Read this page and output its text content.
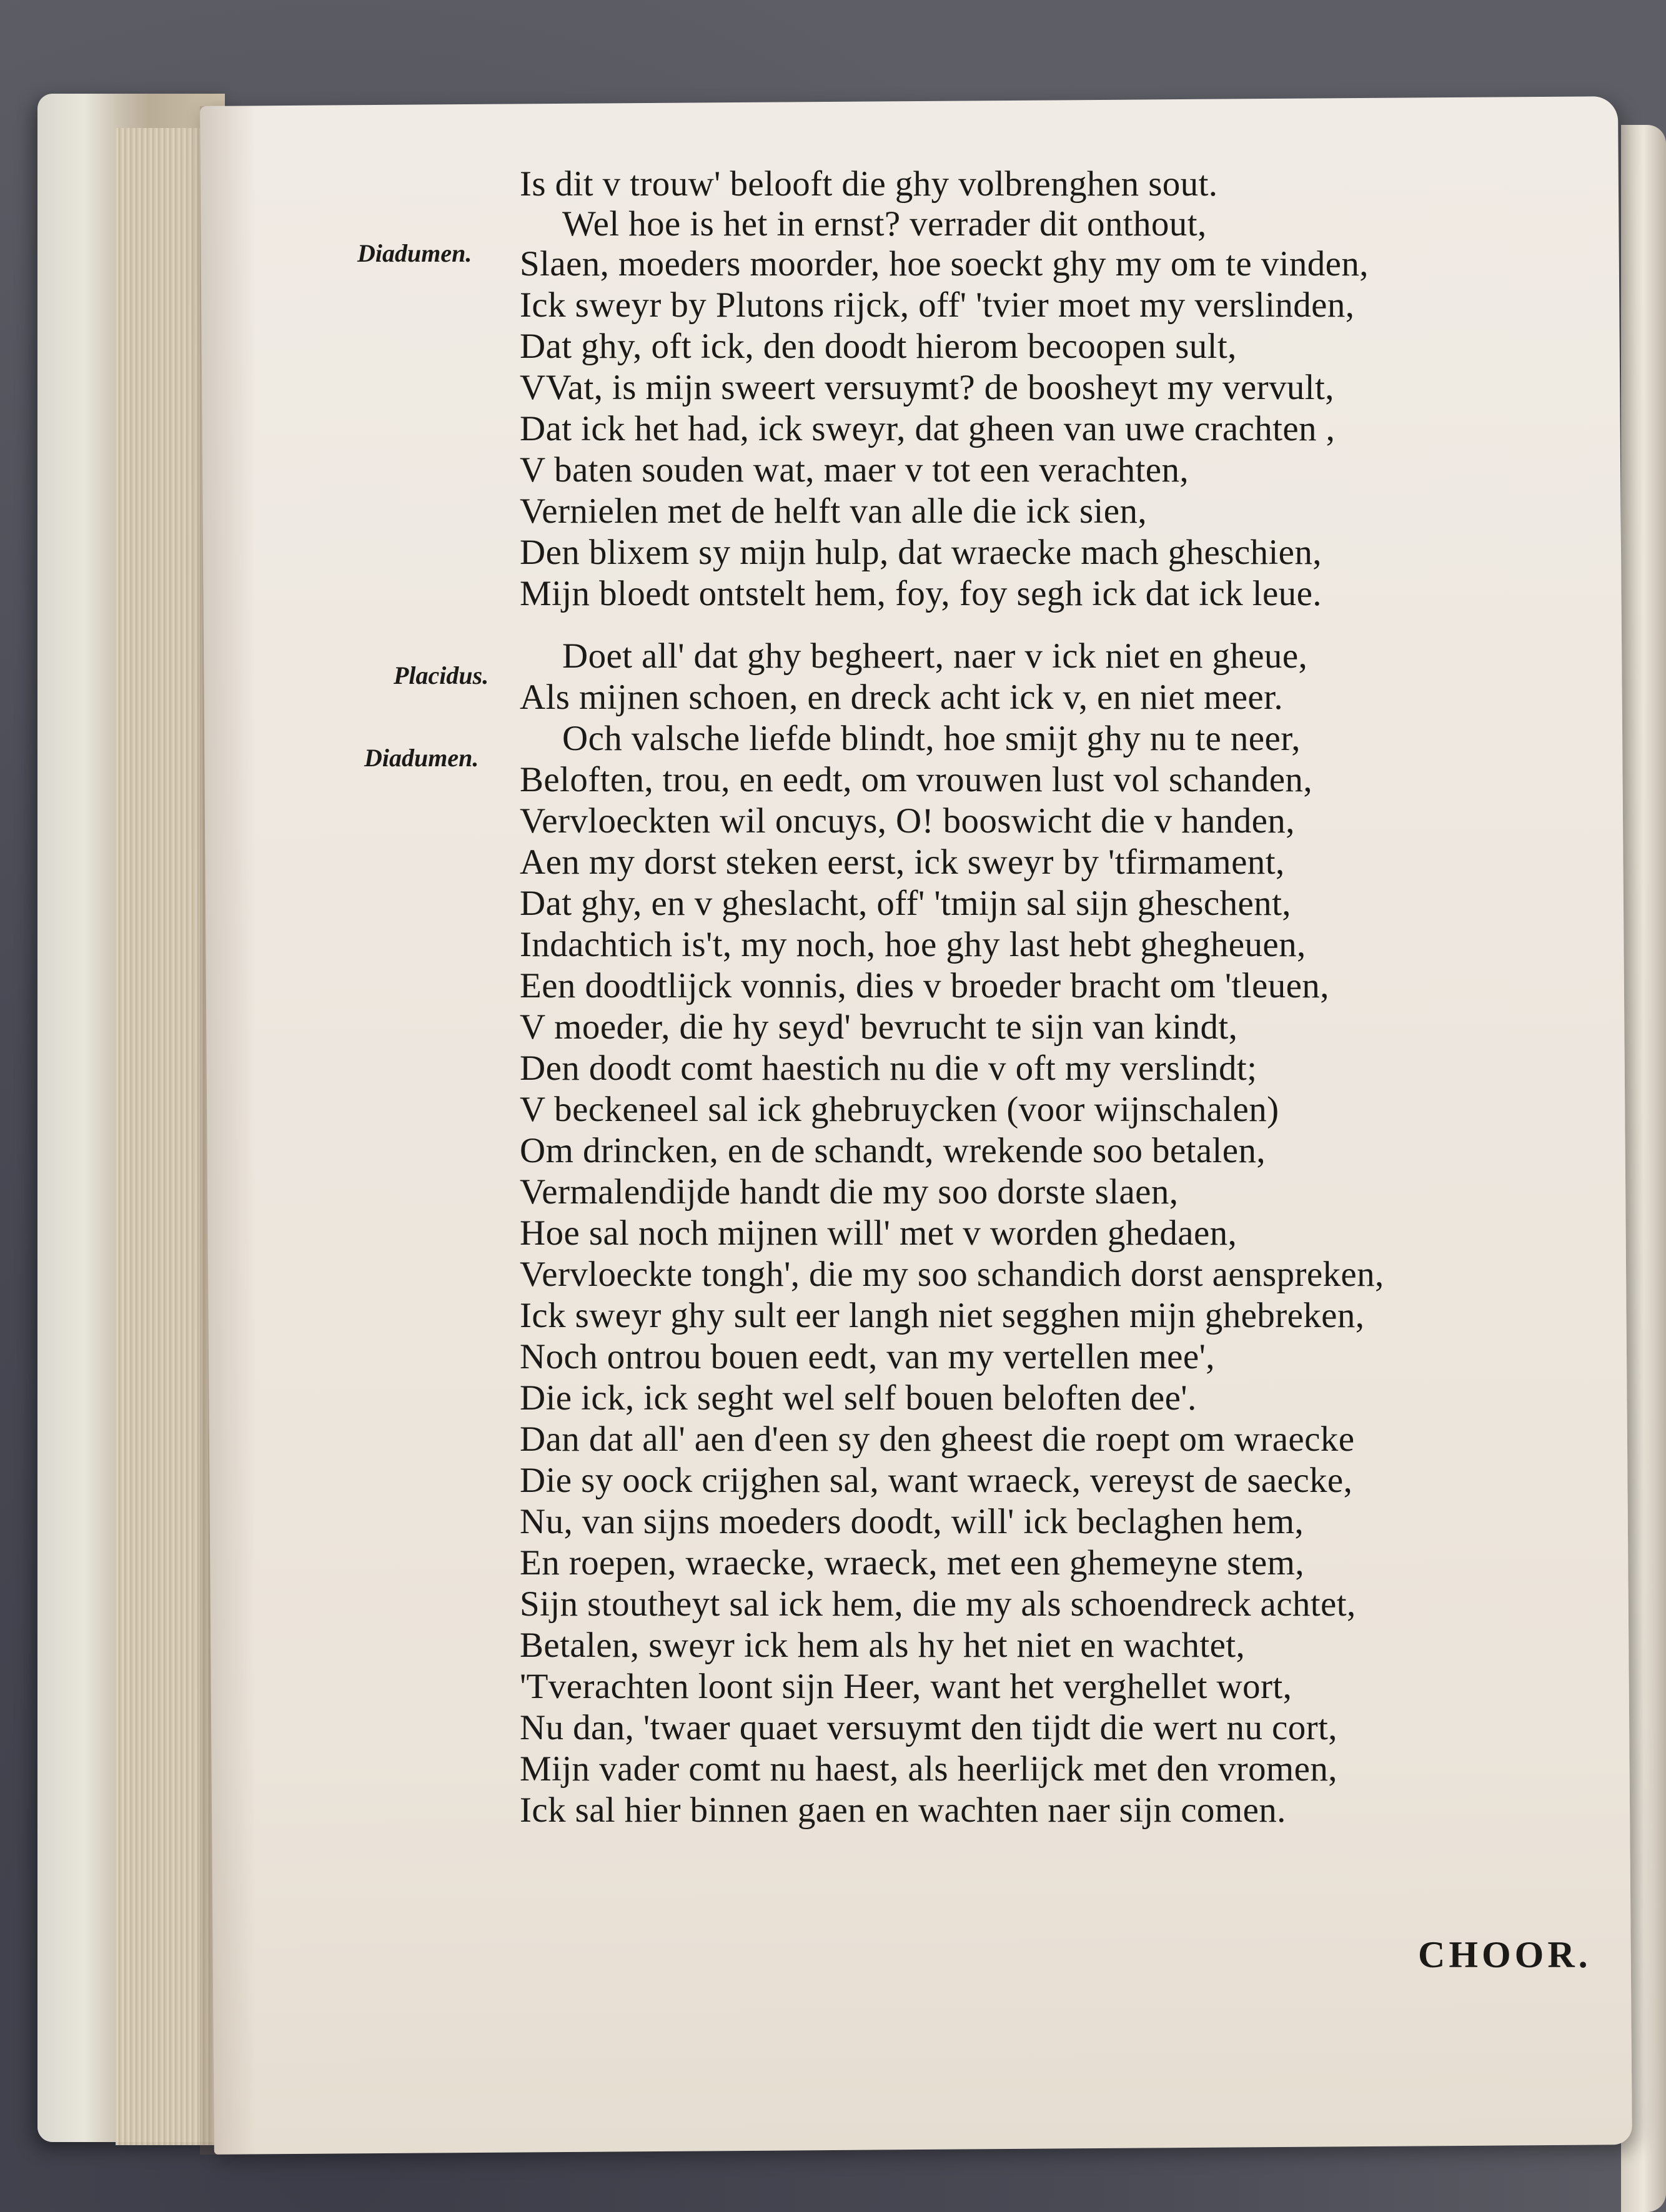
Diadumen.
Placidus.
Diadumen.
Is dit v trouw' belooft die ghy volbrenghen sout.
Wel hoe is het in ernst? verrader dit onthout,
Slaen, moeders moorder, hoe soeckt ghy my om te vinden,
Ick sweyr by Plutons rijck, off' 'tvier moet my verslinden,
Dat ghy, oft ick, den doodt hierom becoopen sult,
VVat, is mijn sweert versuymt? de boosheyt my vervult,
Dat ick het had, ick sweyr, dat gheen van uwe crachten ,
V baten souden wat, maer v tot een verachten,
Vernielen met de helft van alle die ick sien,
Den blixem sy mijn hulp, dat wraecke mach gheschien,
Mijn bloedt ontstelt hem, foy, foy segh ick dat ick leue.
Doet all' dat ghy begheert, naer v ick niet en gheue,
Als mijnen schoen, en dreck acht ick v, en niet meer.
Och valsche liefde blindt, hoe smijt ghy nu te neer,
Beloften, trou, en eedt, om vrouwen lust vol schanden,
Vervloeckten wil oncuys, O! booswicht die v handen,
Aen my dorst steken eerst, ick sweyr by 'tfirmament,
Dat ghy, en v gheslacht, off' 'tmijn sal sijn gheschent,
Indachtich is't, my noch, hoe ghy last hebt ghegheuen,
Een doodtlijck vonnis, dies v broeder bracht om 'tleuen,
V moeder, die hy seyd' bevrucht te sijn van kindt,
Den doodt comt haestich nu die v oft my verslindt;
V beckeneel sal ick ghebruycken (voor wijnschalen)
Om drincken, en de schandt, wrekende soo betalen,
Vermalendijde handt die my soo dorste slaen,
Hoe sal noch mijnen will' met v worden ghedaen,
Vervloeckte tongh', die my soo schandich dorst aenspreken,
Ick sweyr ghy sult eer langh niet segghen mijn ghebreken,
Noch ontrou bouen eedt, van my vertellen mee',
Die ick, ick seght wel self bouen beloften dee'.
Dan dat all' aen d'een sy den gheest die roept om wraecke
Die sy oock crijghen sal, want wraeck, vereyst de saecke,
Nu, van sijns moeders doodt, will' ick beclaghen hem,
En roepen, wraecke, wraeck, met een ghemeyne stem,
Sijn stoutheyt sal ick hem, die my als schoendreck achtet,
Betalen, sweyr ick hem als hy het niet en wachtet,
'Tverachten loont sijn Heer, want het verghellet wort,
Nu dan, 'twaer quaet versuymt den tijdt die wert nu cort,
Mijn vader comt nu haest, als heerlijck met den vromen,
Ick sal hier binnen gaen en wachten naer sijn comen.
CHOOR.
